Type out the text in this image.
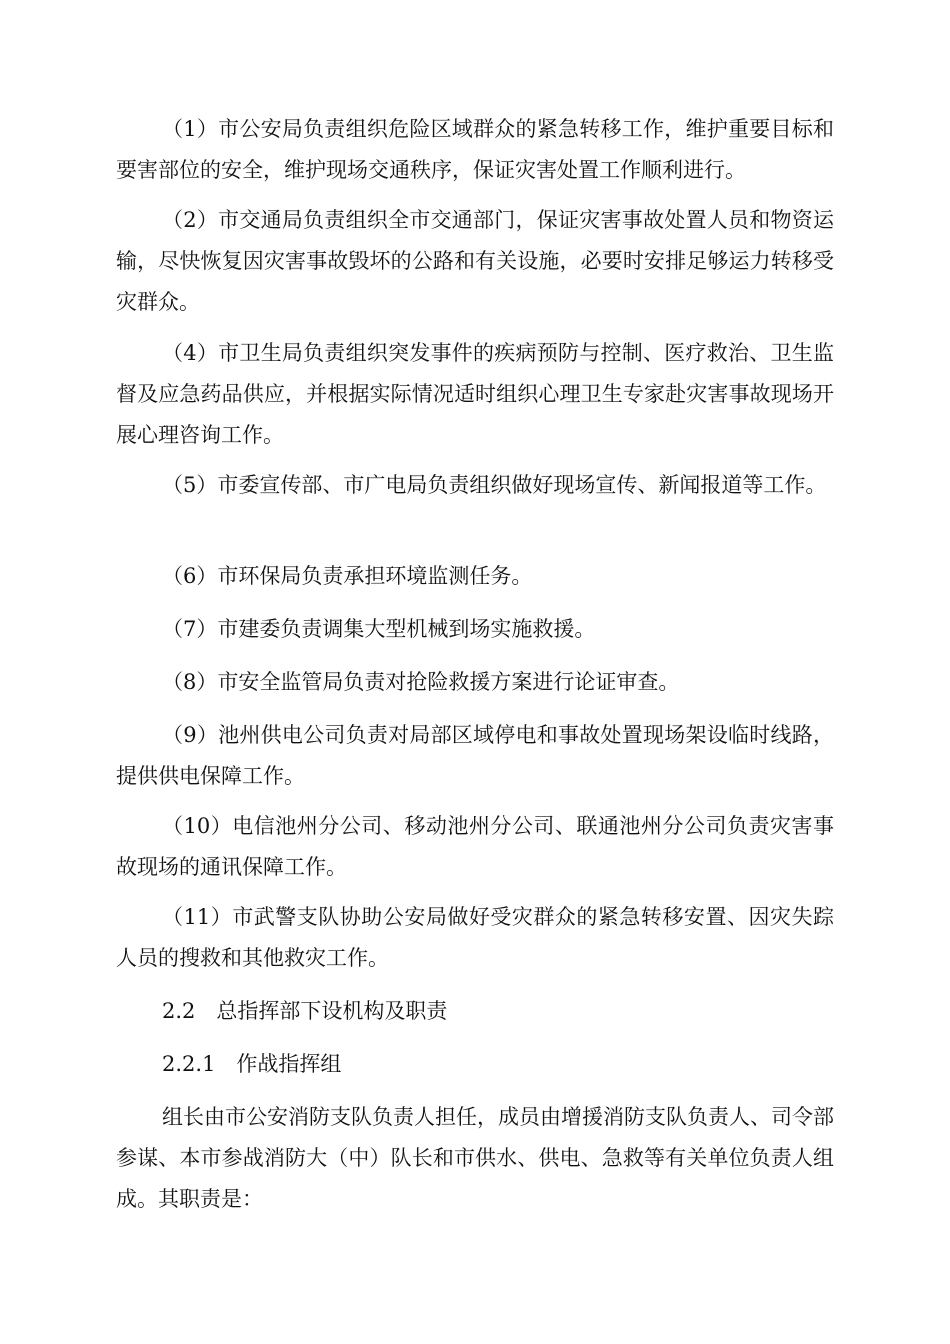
（1）市公安局负责组织危险区域群众的紧急转移工作，维护重要目标和要害部位的安全，维护现场交通秩序，保证灾害处置工作顺利进行。

（2）市交通局负责组织全市交通部门，保证灾害事故处置人员和物资运输，尽快恢复因灾害事故毁坏的公路和有关设施，必要时安排足够运力转移受灾群众。

（4）市卫生局负责组织突发事件的疾病预防与控制、医疗救治、卫生监督及应急药品供应，并根据实际情况适时组织心理卫生专家赴灾害事故现场开展心理咨询工作。

（5）市委宣传部、市广电局负责组织做好现场宣传、新闻报道等工作。

（6）市环保局负责承担环境监测任务。

（7）市建委负责调集大型机械到场实施救援。

（8）市安全监管局负责对抢险救援方案进行论证审查。

（9）池州供电公司负责对局部区域停电和事故处置现场架设临时线路，提供供电保障工作。

（10）电信池州分公司、移动池州分公司、联通池州分公司负责灾害事故现场的通讯保障工作。

（11）市武警支队协助公安局做好受灾群众的紧急转移安置、因灾失踪人员的搜救和其他救灾工作。

2.2　总指挥部下设机构及职责

2.2.1　作战指挥组

组长由市公安消防支队负责人担任，成员由增援消防支队负责人、司令部参谋、本市参战消防大（中）队长和市供水、供电、急救等有关单位负责人组成。其职责是：
